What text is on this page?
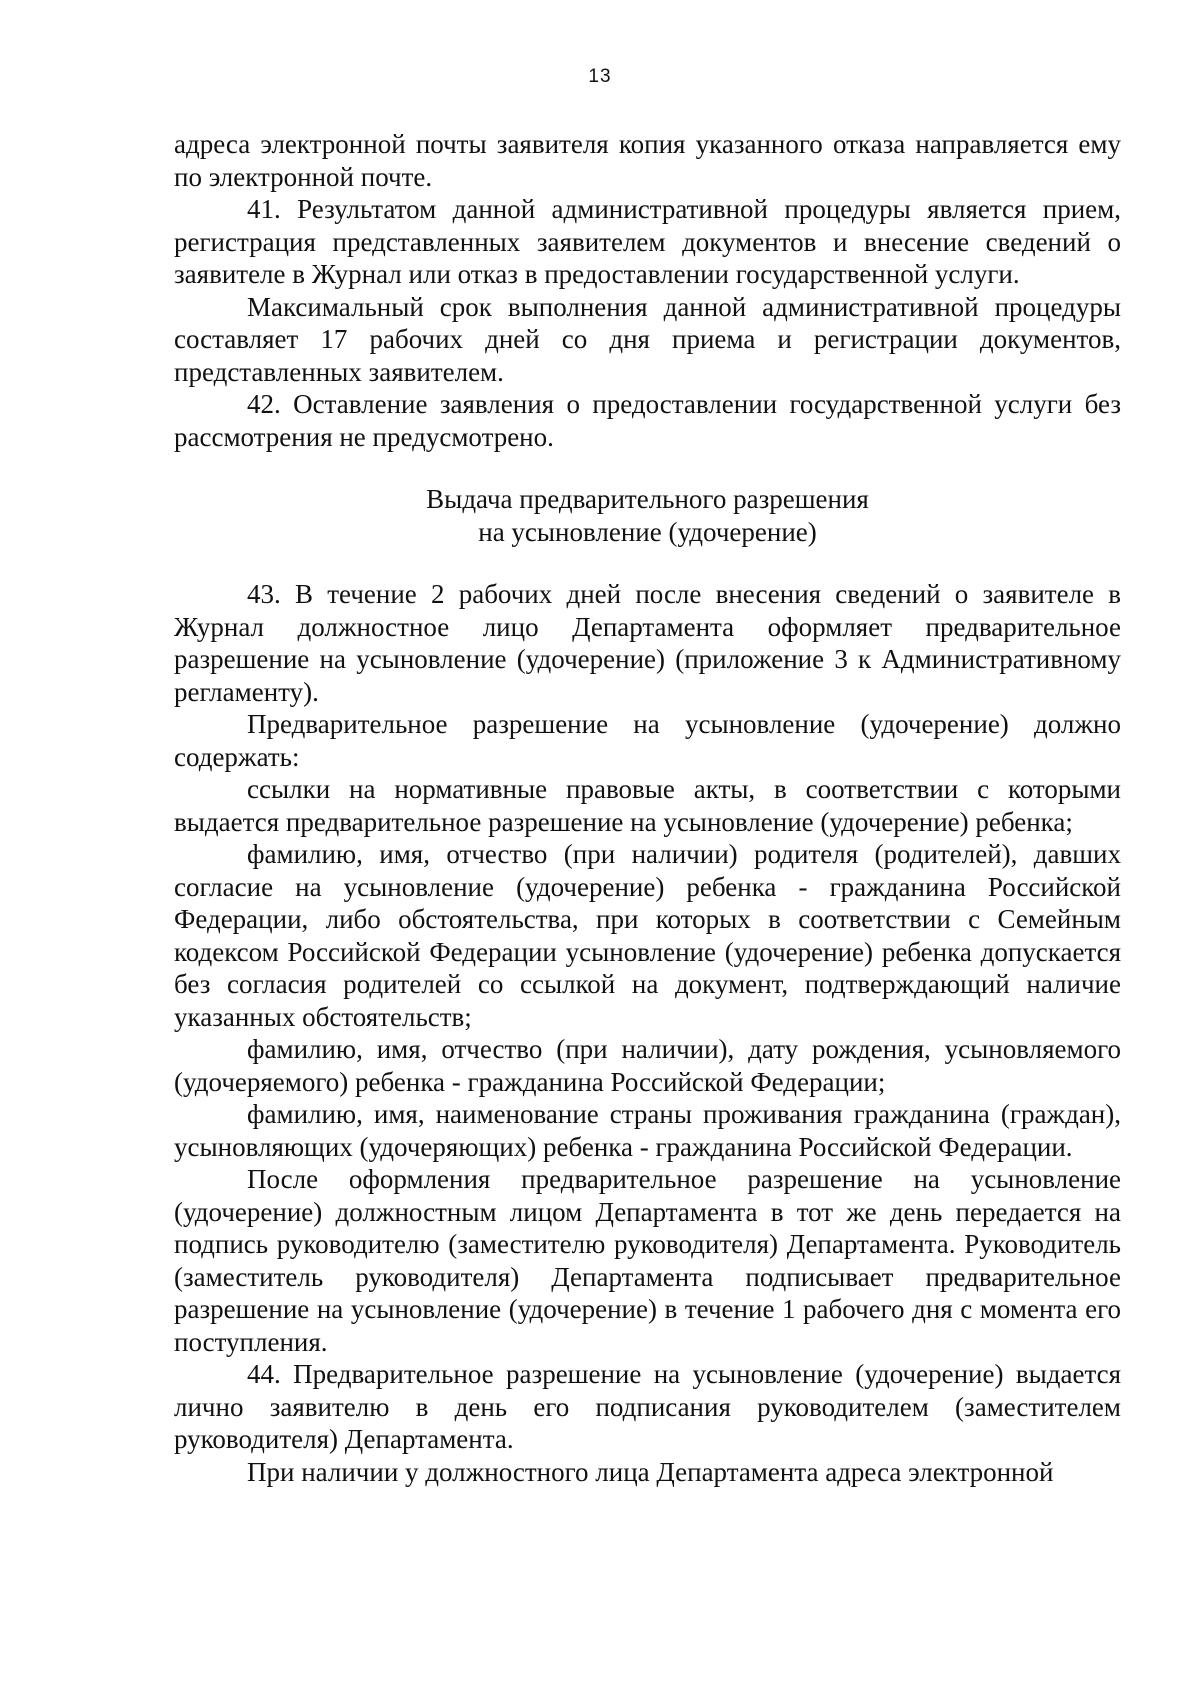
13

адреса электронной почты заявителя копия указанного отказа направляется ему по электронной почте.

41. Результатом данной административной процедуры является прием, регистрация представленных заявителем документов и внесение сведений о заявителе в Журнал или отказ в предоставлении государственной услуги.

Максимальный срок выполнения данной административной процедуры составляет 17 рабочих дней со дня приема и регистрации документов, представленных заявителем.

42. Оставление заявления о предоставлении государственной услуги без рассмотрения не предусмотрено.

Выдача предварительного разрешения
на усыновление (удочерение)

43. В течение 2 рабочих дней после внесения сведений о заявителе в Журнал должностное лицо Департамента оформляет предварительное разрешение на усыновление (удочерение) (приложение 3 к Административному регламенту).

Предварительное разрешение на усыновление (удочерение) должно содержать:

ссылки на нормативные правовые акты, в соответствии с которыми выдается предварительное разрешение на усыновление (удочерение) ребенка;

фамилию, имя, отчество (при наличии) родителя (родителей), давших согласие на усыновление (удочерение) ребенка - гражданина Российской Федерации, либо обстоятельства, при которых в соответствии с Семейным кодексом Российской Федерации усыновление (удочерение) ребенка допускается без согласия родителей со ссылкой на документ, подтверждающий наличие указанных обстоятельств;

фамилию, имя, отчество (при наличии), дату рождения, усыновляемого (удочеряемого) ребенка - гражданина Российской Федерации;

фамилию, имя, наименование страны проживания гражданина (граждан), усыновляющих (удочеряющих) ребенка - гражданина Российской Федерации.

После оформления предварительное разрешение на усыновление (удочерение) должностным лицом Департамента в тот же день передается на подпись руководителю (заместителю руководителя) Департамента. Руководитель (заместитель руководителя) Департамента подписывает предварительное разрешение на усыновление (удочерение) в течение 1 рабочего дня с момента его поступления.

44. Предварительное разрешение на усыновление (удочерение) выдается лично заявителю в день его подписания руководителем (заместителем руководителя) Департамента.

При наличии у должностного лица Департамента адреса электронной
